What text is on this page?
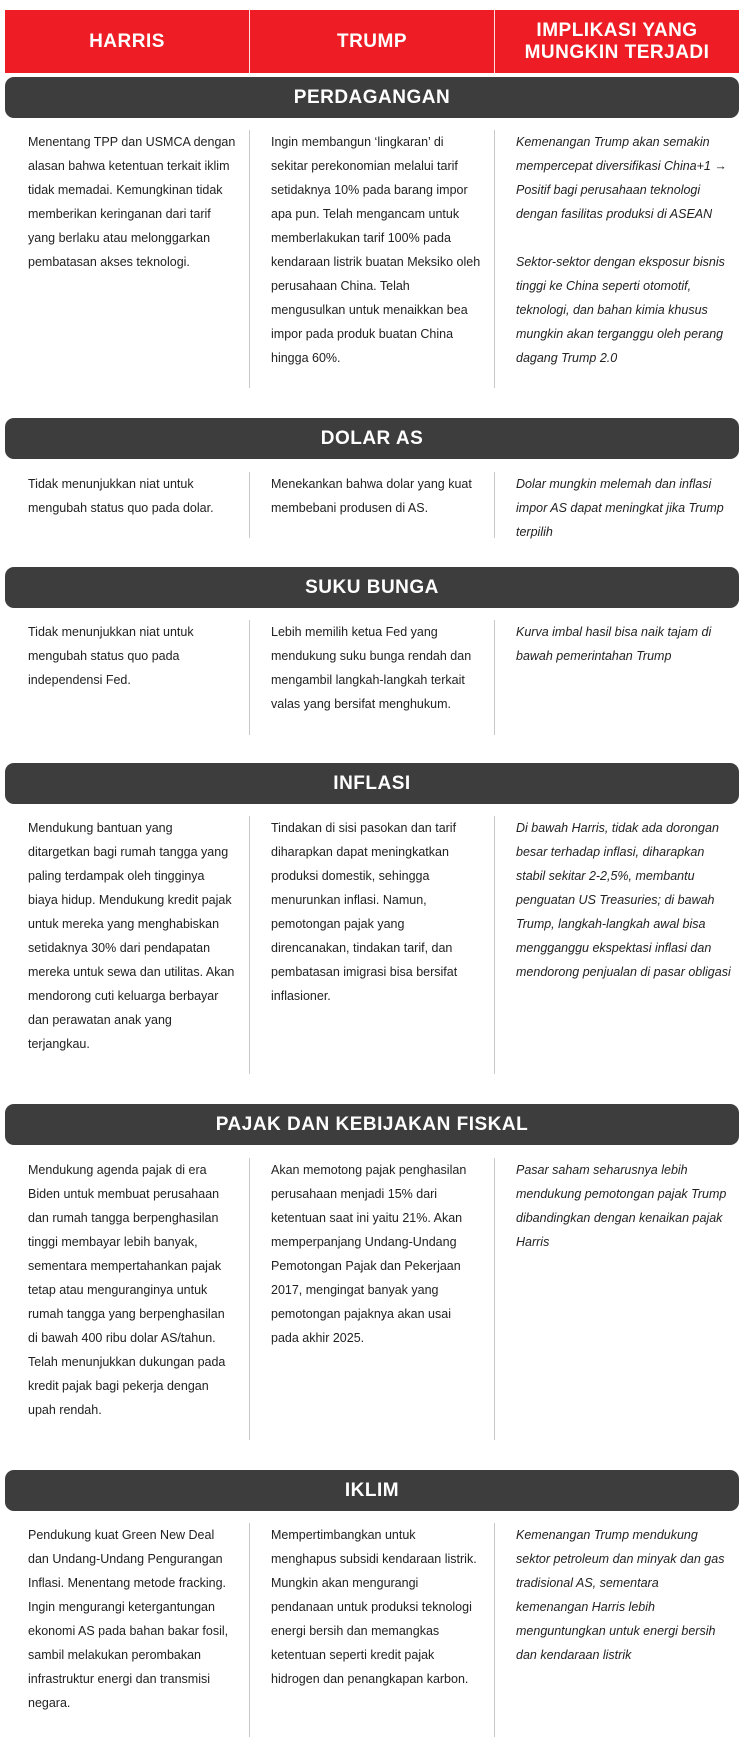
HARRIS	TRUMP
IMPLIKASI YANG
MUNGKIN TERJADI
PERDAGANGAN

Menentang TPP dan USMCA dengan alasan bahwa ketentuan terkait iklim tidak memadai. Kemungkinan tidak memberikan keringanan dari tarif yang berlaku atau melonggarkan pembatasan akses teknologi.

Ingin membangun ‘lingkaran’ di sekitar perekonomian melalui tarif setidaknya 10% pada barang impor apa pun. Telah mengancam untuk memberlakukan tarif 100% pada kendaraan listrik buatan Meksiko oleh perusahaan China. Telah mengusulkan untuk menaikkan bea impor pada produk buatan China hingga 60%.

Kemenangan Trump akan semakin mempercepat diversifikasi China+1 → Positif bagi perusahaan teknologi dengan fasilitas produksi di ASEAN

Sektor-sektor dengan eksposur bisnis tinggi ke China seperti otomotif, teknologi, dan bahan kimia khusus mungkin akan terganggu oleh perang dagang Trump 2.0

DOLAR AS

Tidak menunjukkan niat untuk mengubah status quo pada dolar.

Menekankan bahwa dolar yang kuat membebani produsen di AS.

Dolar mungkin melemah dan inflasi impor AS dapat meningkat jika Trump terpilih

SUKU BUNGA

Tidak menunjukkan niat untuk mengubah status quo pada independensi Fed.

Lebih memilih ketua Fed yang mendukung suku bunga rendah dan mengambil langkah-langkah terkait valas yang bersifat menghukum.

Kurva imbal hasil bisa naik tajam di bawah pemerintahan Trump

INFLASI

Mendukung bantuan yang ditargetkan bagi rumah tangga yang paling terdampak oleh tingginya biaya hidup. Mendukung kredit pajak untuk mereka yang menghabiskan setidaknya 30% dari pendapatan mereka untuk sewa dan utilitas. Akan mendorong cuti keluarga berbayar dan perawatan anak yang terjangkau.

Tindakan di sisi pasokan dan tarif diharapkan dapat meningkatkan produksi domestik, sehingga menurunkan inflasi. Namun, pemotongan pajak yang direncanakan, tindakan tarif, dan pembatasan imigrasi bisa bersifat inflasioner.

Di bawah Harris, tidak ada dorongan besar terhadap inflasi, diharapkan stabil sekitar 2-2,5%, membantu penguatan US Treasuries; di bawah Trump, langkah-langkah awal bisa mengganggu ekspektasi inflasi dan mendorong penjualan di pasar obligasi

PAJAK DAN KEBIJAKAN FISKAL

Mendukung agenda pajak di era Biden untuk membuat perusahaan dan rumah tangga berpenghasilan tinggi membayar lebih banyak, sementara mempertahankan pajak tetap atau menguranginya untuk rumah tangga yang berpenghasilan di bawah 400 ribu dolar AS/tahun. Telah menunjukkan dukungan pada kredit pajak bagi pekerja dengan upah rendah.

Akan memotong pajak penghasilan perusahaan menjadi 15% dari ketentuan saat ini yaitu 21%. Akan memperpanjang Undang-Undang Pemotongan Pajak dan Pekerjaan 2017, mengingat banyak yang pemotongan pajaknya akan usai pada akhir 2025.

Pasar saham seharusnya lebih mendukung pemotongan pajak Trump dibandingkan dengan kenaikan pajak Harris

IKLIM

Pendukung kuat Green New Deal dan Undang-Undang Pengurangan Inflasi. Menentang metode fracking. Ingin mengurangi ketergantungan ekonomi AS pada bahan bakar fosil, sambil melakukan perombakan infrastruktur energi dan transmisi negara.

Mempertimbangkan untuk menghapus subsidi kendaraan listrik. Mungkin akan mengurangi pendanaan untuk produksi teknologi energi bersih dan memangkas ketentuan seperti kredit pajak hidrogen dan penangkapan karbon.

Kemenangan Trump mendukung sektor petroleum dan minyak dan gas tradisional AS, sementara kemenangan Harris lebih menguntungkan untuk energi bersih dan kendaraan listrik
